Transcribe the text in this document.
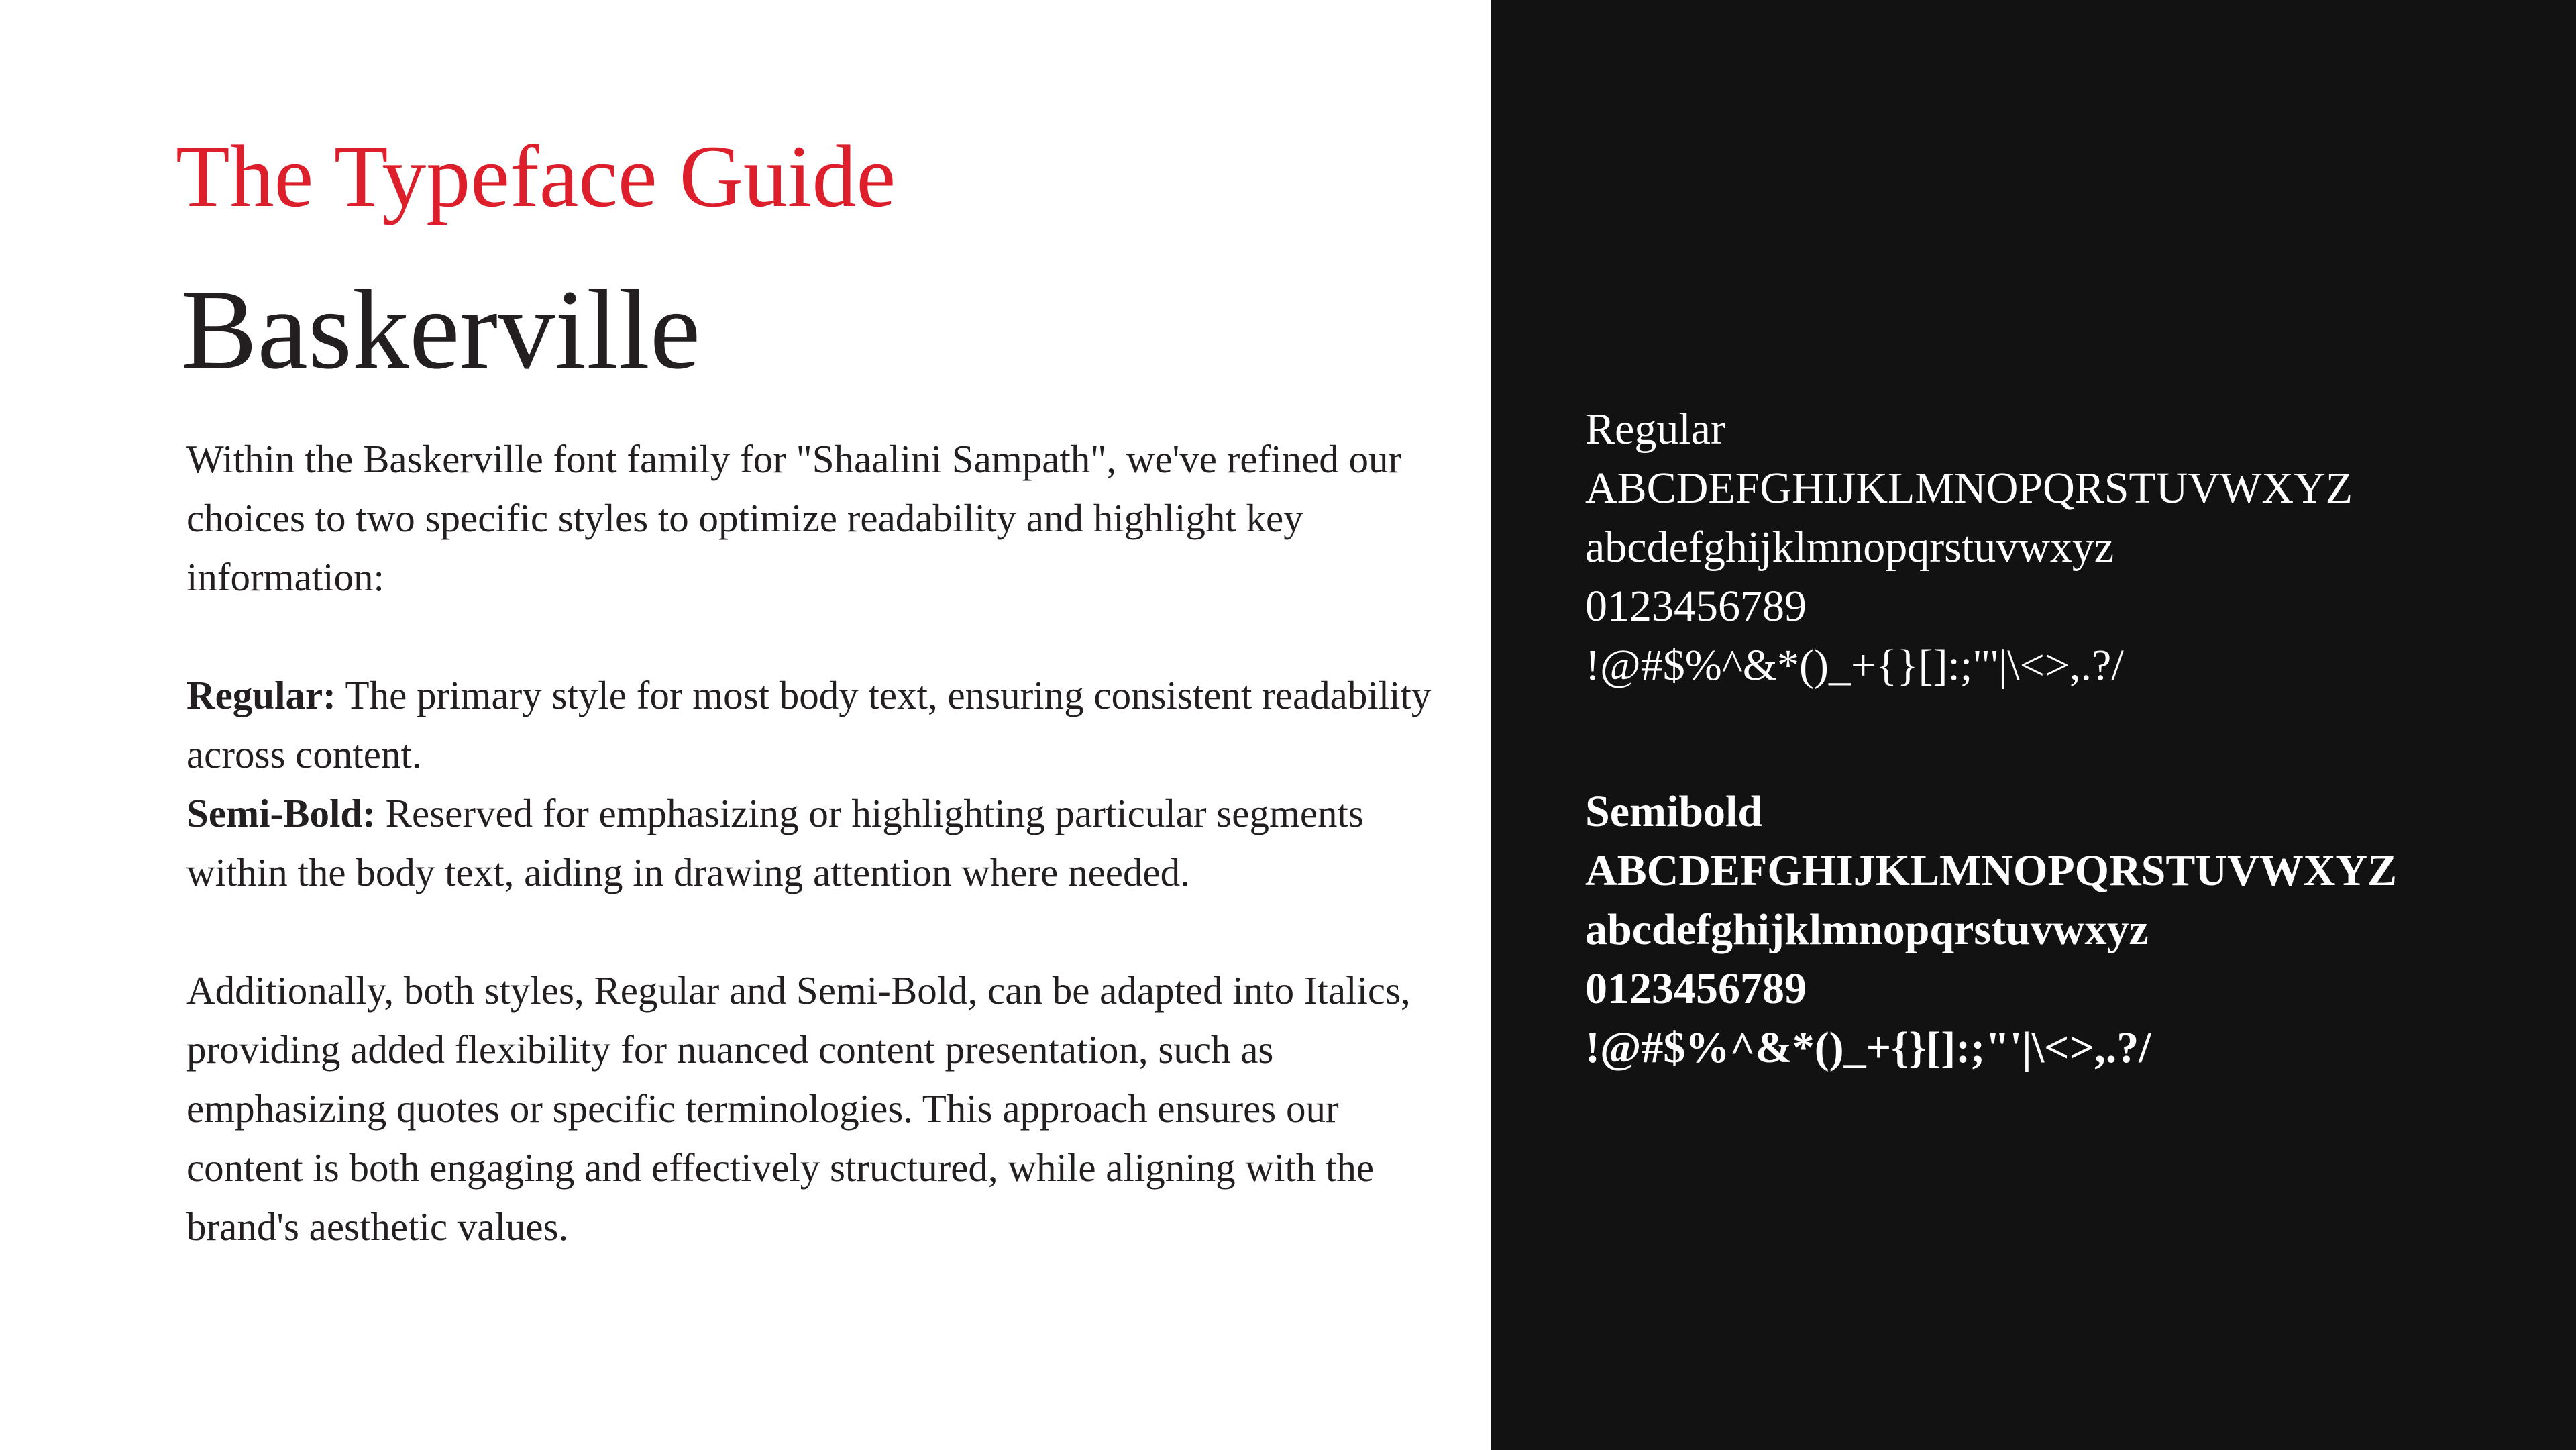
The Typeface Guide
Baskerville

Within the Baskerville font family for "Shaalini Sampath", we've refined our choices to two specific styles to optimize readability and highlight key information:

Regular: The primary style for most body text, ensuring consistent readability across content.

Semi-Bold: Reserved for emphasizing or highlighting particular segments within the body text, aiding in drawing attention where needed.

Additionally, both styles, Regular and Semi-Bold, can be adapted into Italics, providing added flexibility for nuanced content presentation, such as emphasizing quotes or specific terminologies. This approach ensures our content is both engaging and effectively structured, while aligning with the brand's aesthetic values.

Regular
ABCDEFGHIJKLMNOPQRSTUVWXYZ
abcdefghijklmnopqrstuvwxyz
0123456789
!@#$%^&*()_+{}[]:;"'|\<>,.?/
Semibold
ABCDEFGHIJKLMNOPQRSTUVWXYZ
abcdefghijklmnopqrstuvwxyz
0123456789
!@#$%^&*()_+{}[]:;"'|\<>,.?/
